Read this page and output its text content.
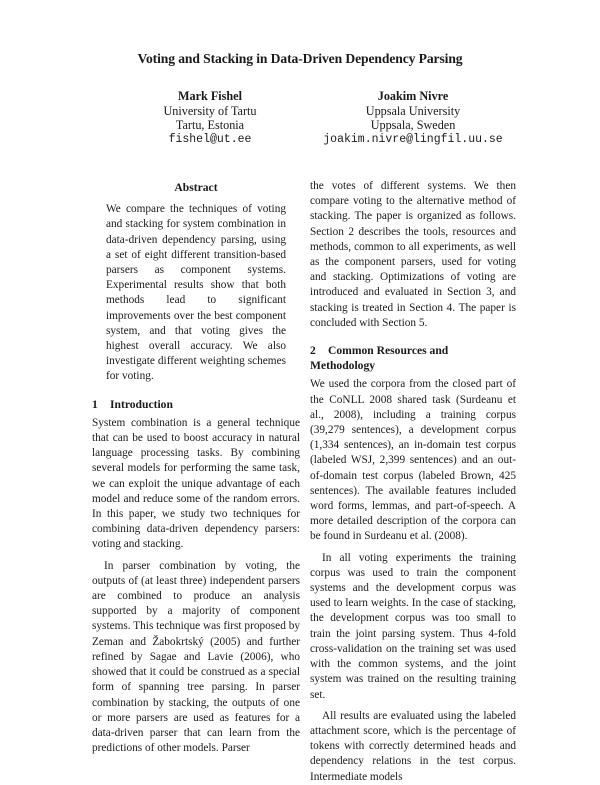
Voting and Stacking in Data-Driven Dependency Parsing
Mark Fishel
University of Tartu
Tartu, Estonia
fishel@ut.ee
Joakim Nivre
Uppsala University
Uppsala, Sweden
joakim.nivre@lingfil.uu.se
Abstract

We compare the techniques of voting and stacking for system combination in data-driven dependency parsing, using a set of eight different transition-based parsers as component systems. Experimental results show that both methods lead to significant improvements over the best component system, and that voting gives the highest overall accuracy. We also investigate different weighting schemes for voting.

1 Introduction

System combination is a general technique that can be used to boost accuracy in natural language processing tasks. By combining several models for performing the same task, we can exploit the unique advantage of each model and reduce some of the random errors. In this paper, we study two techniques for combining data-driven dependency parsers: voting and stacking.

In parser combination by voting, the outputs of (at least three) independent parsers are combined to produce an analysis supported by a majority of component systems. This technique was first proposed by Zeman and Žabokrtský (2005) and further refined by Sagae and Lavie (2006), who showed that it could be construed as a special form of spanning tree parsing. In parser combination by stacking, the outputs of one or more parsers are used as features for a data-driven parser that can learn from the predictions of other models. Parser

the votes of different systems. We then compare voting to the alternative method of stacking. The paper is organized as follows. Section 2 describes the tools, resources and methods, common to all experiments, as well as the component parsers, used for voting and stacking. Optimizations of voting are introduced and evaluated in Section 3, and stacking is treated in Section 4. The paper is concluded with Section 5.

2 Common Resources and Methodology

We used the corpora from the closed part of the CoNLL 2008 shared task (Surdeanu et al., 2008), including a training corpus (39,279 sentences), a development corpus (1,334 sentences), an in-domain test corpus (labeled WSJ, 2,399 sentences) and an out-of-domain test corpus (labeled Brown, 425 sentences). The available features included word forms, lemmas, and part-of-speech. A more detailed description of the corpora can be found in Surdeanu et al. (2008).

In all voting experiments the training corpus was used to train the component systems and the development corpus was used to learn weights. In the case of stacking, the development corpus was too small to train the joint parsing system. Thus 4-fold cross-validation on the training set was used with the common systems, and the joint system was trained on the resulting training set.

All results are evaluated using the labeled attachment score, which is the percentage of tokens with correctly determined heads and dependency relations in the test corpus. Intermediate models
